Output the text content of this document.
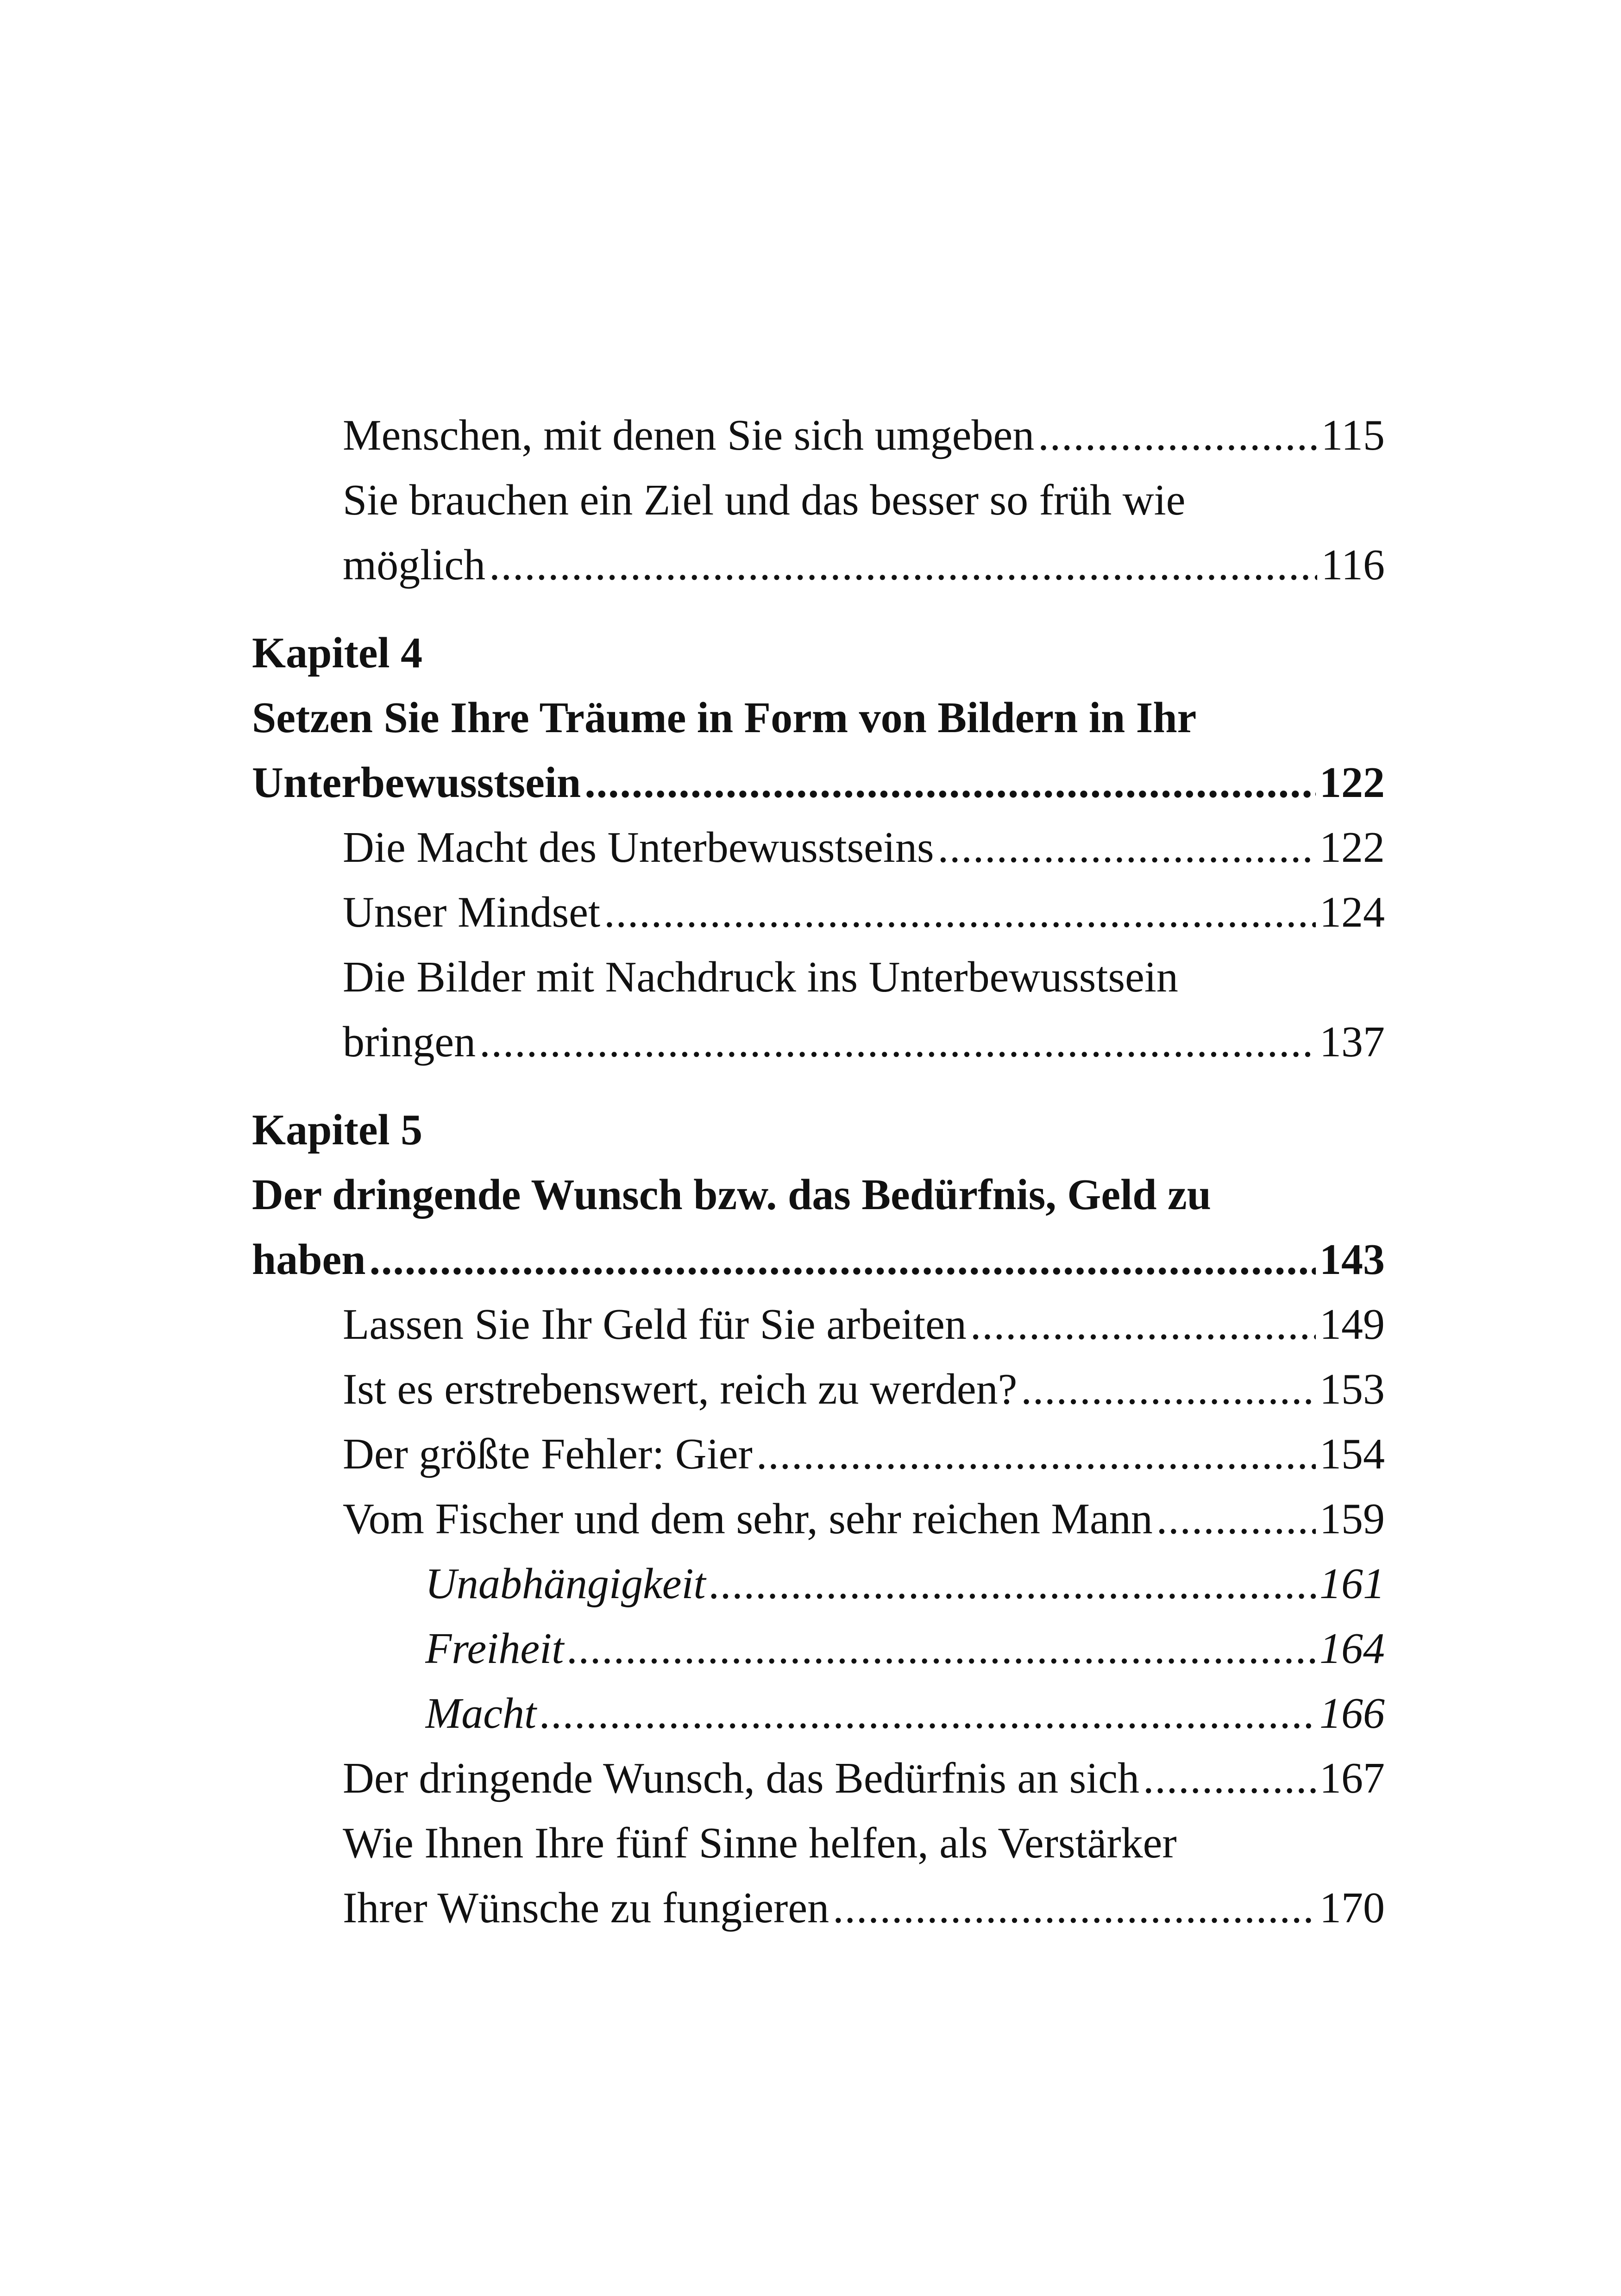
Menschen, mit denen Sie sich umgeben .....	115
Sie brauchen ein Ziel und das besser so früh wie
möglich .....	116
Kapitel 4
Setzen Sie Ihre Träume in Form von Bildern in Ihr
Unterbewusstsein .....	122
Die Macht des Unterbewusstseins .....	122
Unser Mindset .....	124
Die Bilder mit Nachdruck ins Unterbewusstsein
bringen .....	137
Kapitel 5
Der dringende Wunsch bzw. das Bedürfnis, Geld zu
haben .....	143
Lassen Sie Ihr Geld für Sie arbeiten .....	149
Ist es erstrebenswert, reich zu werden? .....	153
Der größte Fehler: Gier .....	154
Vom Fischer und dem sehr, sehr reichen Mann .....	159
Unabhängigkeit .....	161
Freiheit .....	164
Macht .....	166
Der dringende Wunsch, das Bedürfnis an sich .....	167
Wie Ihnen Ihre fünf Sinne helfen, als Verstärker
Ihrer Wünsche zu fungieren .....	170
